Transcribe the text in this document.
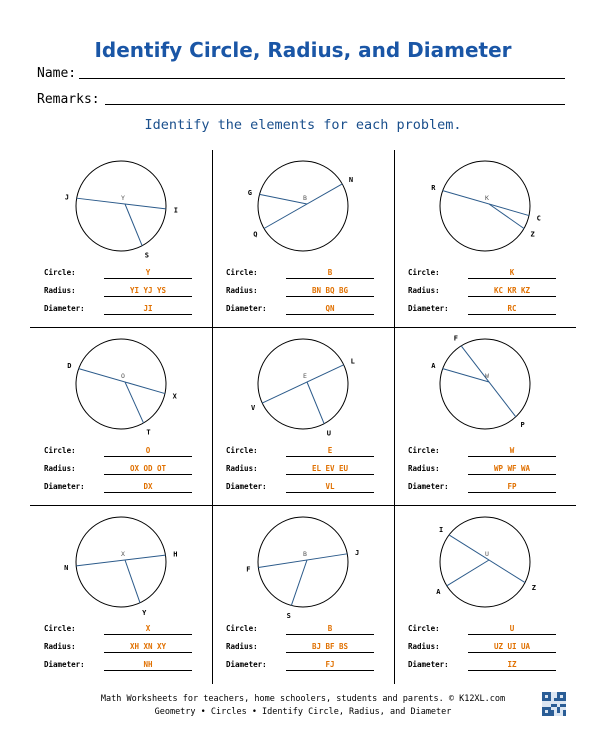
Identify Circle, Radius, and Diameter
Name:
Remarks:
Identify the elements for each problem.
Y
J
I
S
Circle:	Y
Radius:	YI YJ YS
Diameter:	JI
B
Q
N
G
Circle:	B
Radius:	BN BQ BG
Diameter:	QN
K
R
C
Z
Circle:	K
Radius:	KC KR KZ
Diameter:	RC
O
D
X
T
Circle:	O
Radius:	OX OD OT
Diameter:	DX
E
V
L
U
Circle:	E
Radius:	EL EV EU
Diameter:	VL
W
F
P
A
Circle:	W
Radius:	WP WF WA
Diameter:	FP
X
N
H
Y
Circle:	X
Radius:	XH XN XY
Diameter:	NH
B
F
J
S
Circle:	B
Radius:	BJ BF BS
Diameter:	FJ
U
I
Z
A
Circle:	U
Radius:	UZ UI UA
Diameter:	IZ
Math Worksheets for teachers, home schoolers, students and parents. © K12XL.com
Geometry • Circles • Identify Circle, Radius, and Diameter
